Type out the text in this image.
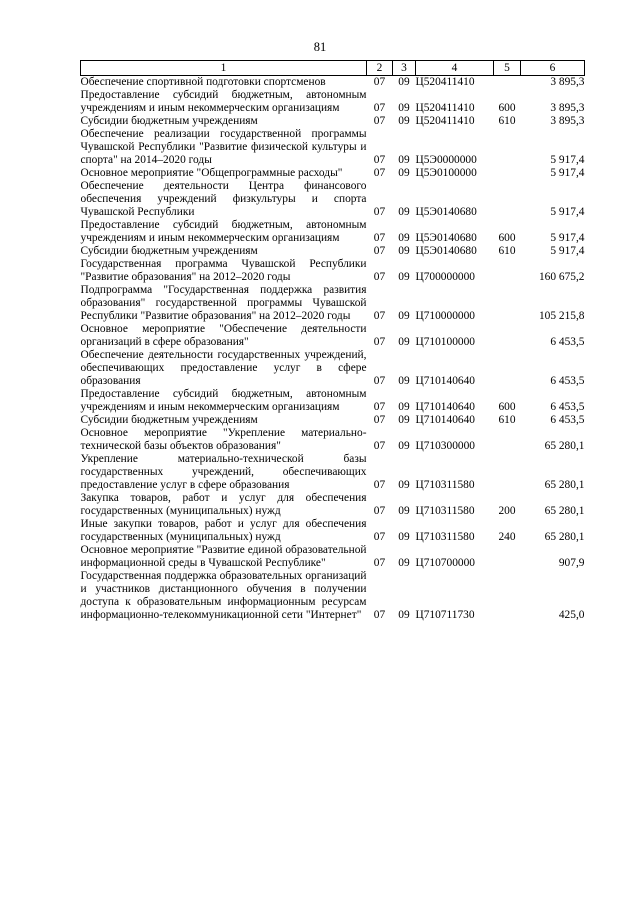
81
1	2	3	4	5	6
Обеспечение спортивной подготовки спортсменов	07	09	Ц520411410		3 895,3
Предоставление субсидий бюджетным, автономным учреждениям и иным некоммерческим организациям	07	09	Ц520411410	600	3 895,3
Субсидии бюджетным учреждениям	07	09	Ц520411410	610	3 895,3
Обеспечение реализации государственной программы Чувашской Республики "Развитие физической культуры и спорта" на 2014–2020 годы	07	09	Ц5Э0000000		5 917,4
Основное мероприятие "Общепрограммные расходы"	07	09	Ц5Э0100000		5 917,4
Обеспечение деятельности Центра финансового обеспечения учреждений физкультуры и спорта Чувашской Республики	07	09	Ц5Э0140680		5 917,4
Предоставление субсидий бюджетным, автономным учреждениям и иным некоммерческим организациям	07	09	Ц5Э0140680	600	5 917,4
Субсидии бюджетным учреждениям	07	09	Ц5Э0140680	610	5 917,4
Государственная программа Чувашской Республики "Развитие образования" на 2012–2020 годы	07	09	Ц700000000		160 675,2
Подпрограмма "Государственная поддержка развития образования" государственной программы Чувашской Республики "Развитие образования" на 2012–2020 годы	07	09	Ц710000000		105 215,8
Основное мероприятие "Обеспечение деятельности организаций в сфере образования"	07	09	Ц710100000		6 453,5
Обеспечение деятельности государственных учреждений, обеспечивающих предоставление услуг в сфере образования	07	09	Ц710140640		6 453,5
Предоставление субсидий бюджетным, автономным учреждениям и иным некоммерческим организациям	07	09	Ц710140640	600	6 453,5
Субсидии бюджетным учреждениям	07	09	Ц710140640	610	6 453,5
Основное мероприятие "Укрепление материально-технической базы объектов образования"	07	09	Ц710300000		65 280,1
Укрепление материально-технической базы государственных учреждений, обеспечивающих предоставление услуг в сфере образования	07	09	Ц710311580		65 280,1
Закупка товаров, работ и услуг для обеспечения государственных (муниципальных) нужд	07	09	Ц710311580	200	65 280,1
Иные закупки товаров, работ и услуг для обеспечения государственных (муниципальных) нужд	07	09	Ц710311580	240	65 280,1
Основное мероприятие "Развитие единой образовательной информационной среды в Чувашской Республике"	07	09	Ц710700000		907,9
Государственная поддержка образовательных организаций и участников дистанционного обучения в получении доступа к образовательным информационным ресурсам информационно-телекоммуникационной сети "Интернет"	07	09	Ц710711730		425,0
